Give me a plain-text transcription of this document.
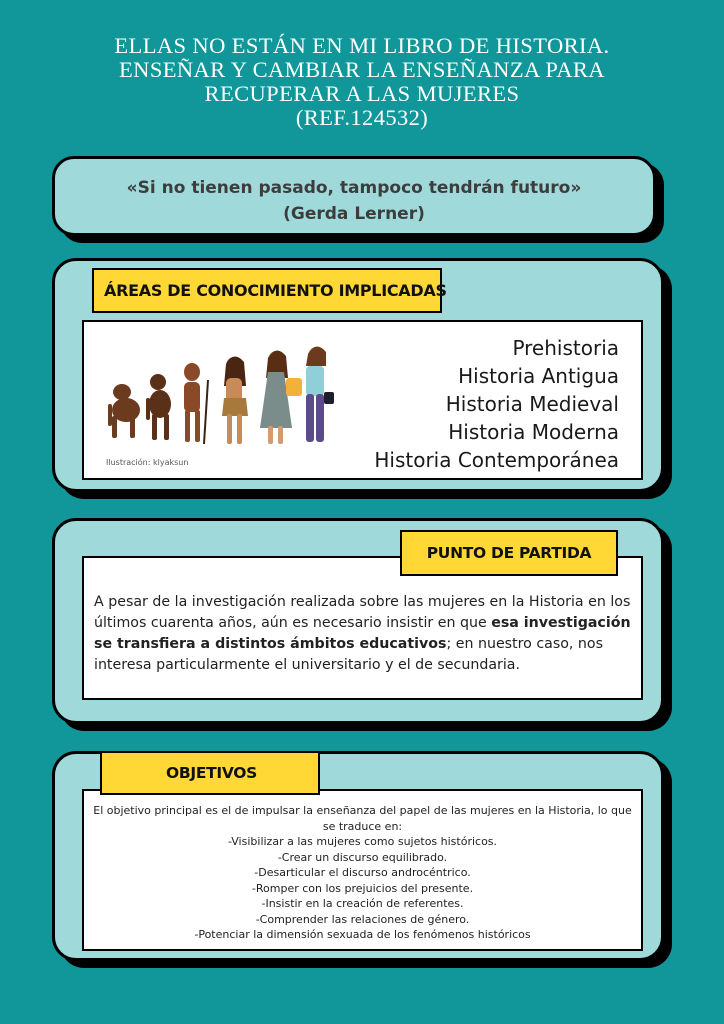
ELLAS NO ESTÁN EN MI LIBRO DE HISTORIA.
ENSEÑAR Y CAMBIAR LA ENSEÑANZA PARA
RECUPERAR A LAS MUJERES
(REF.124532)
«Si no tienen pasado, tampoco tendrán futuro»
(Gerda Lerner)
Ilustración: klyaksun
Prehistoria
Historia Antigua
Historia Medieval
Historia Moderna
Historia Contemporánea
ÁREAS DE CONOCIMIENTO IMPLICADAS
A pesar de la investigación realizada sobre las mujeres en la Historia en los últimos cuarenta años, aún es necesario insistir en que esa investigación se transfiera a distintos ámbitos educativos; en nuestro caso, nos interesa particularmente el universitario y el de secundaria.
PUNTO DE PARTIDA
El objetivo principal es el de impulsar la enseñanza del papel de las mujeres en la Historia, lo que se traduce en:
-Visibilizar a las mujeres como sujetos históricos.
-Crear un discurso equilibrado.
-Desarticular el discurso androcéntrico.
-Romper con los prejuicios del presente.
-Insistir en la creación de referentes.
-Comprender las relaciones de género.
-Potenciar la dimensión sexuada de los fenómenos históricos
OBJETIVOS
